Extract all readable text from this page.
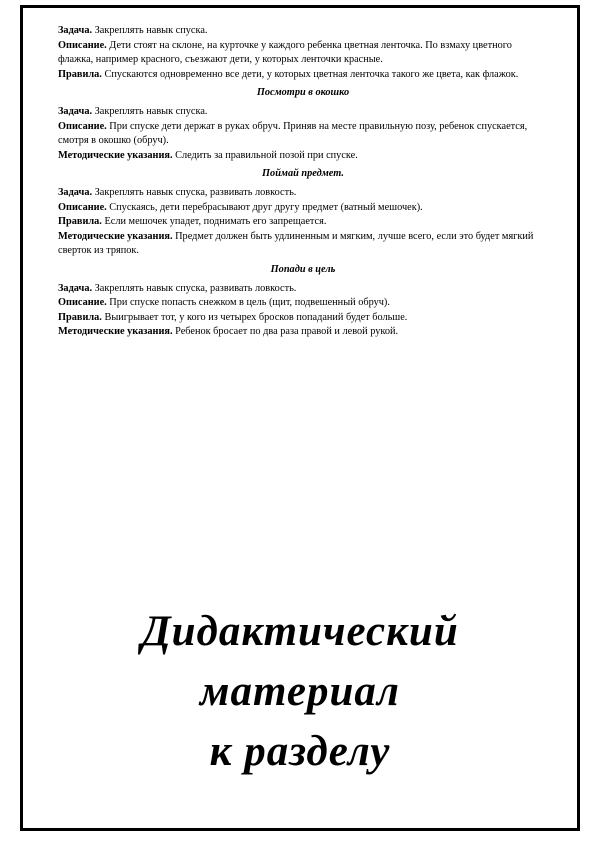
Задача. Закреплять навык спуска.

Описание. Дети стоят на склоне, на курточке у каждого ребенка цветная ленточка. По взмаху цветного флажка, например красного, съезжают дети, у которых ленточки красные.

Правила. Спускаются одновременно все дети, у которых цветная ленточка такого же цвета, как флажок.

Посмотри в окошко

Задача. Закреплять навык спуска.

Описание. При спуске дети держат в руках обруч. Приняв на месте правильную позу, ребенок спускается, смотря в окошко (обруч).

Методические указания. Следить за правильной позой при спуске.

Поймай предмет.

Задача. Закреплять навык спуска, развивать ловкость.

Описание. Спускаясь, дети перебрасывают друг другу предмет (ватный мешочек).

Правила. Если мешочек упадет, поднимать его запрещается.

Методические указания. Предмет должен быть удлиненным и мягким, лучше всего, если это будет мягкий сверток из тряпок.

Попади в цель

Задача. Закреплять навык спуска, развивать ловкость.

Описание. При спуске попасть снежком в цель (щит, подвешенный обруч).

Правила. Выигрывает тот, у кого из четырех бросков попаданий будет больше.

Методические указания. Ребенок бросает по два раза правой и левой рукой.

Дидактический
материал
к разделу
